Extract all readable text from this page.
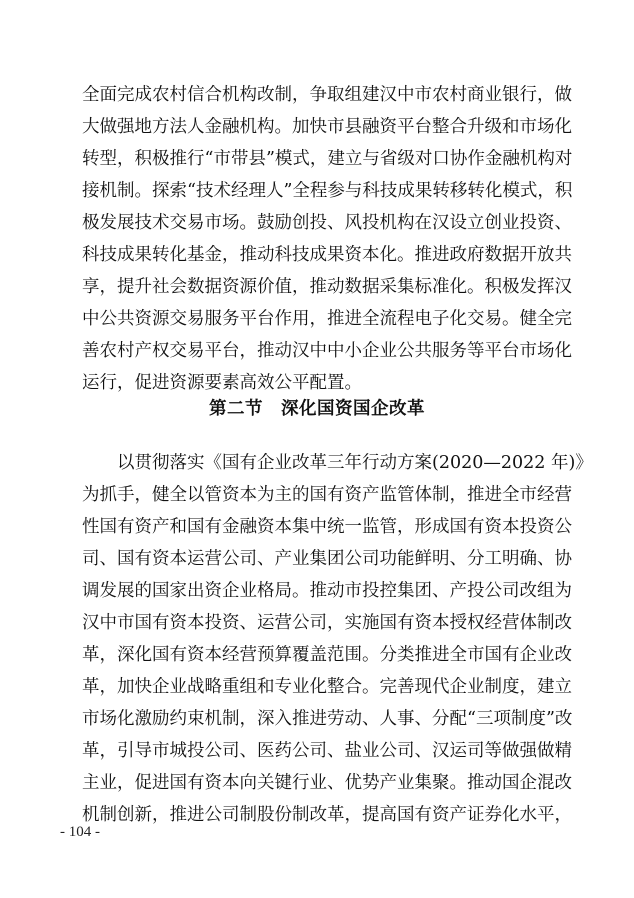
全面完成农村信合机构改制，争取组建汉中市农村商业银行，做
大做强地方法人金融机构。加快市县融资平台整合升级和市场化
转型，积极推行“市带县”模式，建立与省级对口协作金融机构对
接机制。探索“技术经理人”全程参与科技成果转移转化模式，积
极发展技术交易市场。鼓励创投、风投机构在汉设立创业投资、
科技成果转化基金，推动科技成果资本化。推进政府数据开放共
享，提升社会数据资源价值，推动数据采集标准化。积极发挥汉
中公共资源交易服务平台作用，推进全流程电子化交易。健全完
善农村产权交易平台，推动汉中中小企业公共服务等平台市场化
运行，促进资源要素高效公平配置。
第二节　深化国资国企改革
以贯彻落实《国有企业改革三年行动方案(2020—2022 年)》
为抓手，健全以管资本为主的国有资产监管体制，推进全市经营
性国有资产和国有金融资本集中统一监管，形成国有资本投资公
司、国有资本运营公司、产业集团公司功能鲜明、分工明确、协
调发展的国家出资企业格局。推动市投控集团、产投公司改组为
汉中市国有资本投资、运营公司，实施国有资本授权经营体制改
革，深化国有资本经营预算覆盖范围。分类推进全市国有企业改
革，加快企业战略重组和专业化整合。完善现代企业制度，建立
市场化激励约束机制，深入推进劳动、人事、分配“三项制度”改
革，引导市城投公司、医药公司、盐业公司、汉运司等做强做精
主业，促进国有资本向关键行业、优势产业集聚。推动国企混改
机制创新，推进公司制股份制改革，提高国有资产证券化水平，
- 104 -
